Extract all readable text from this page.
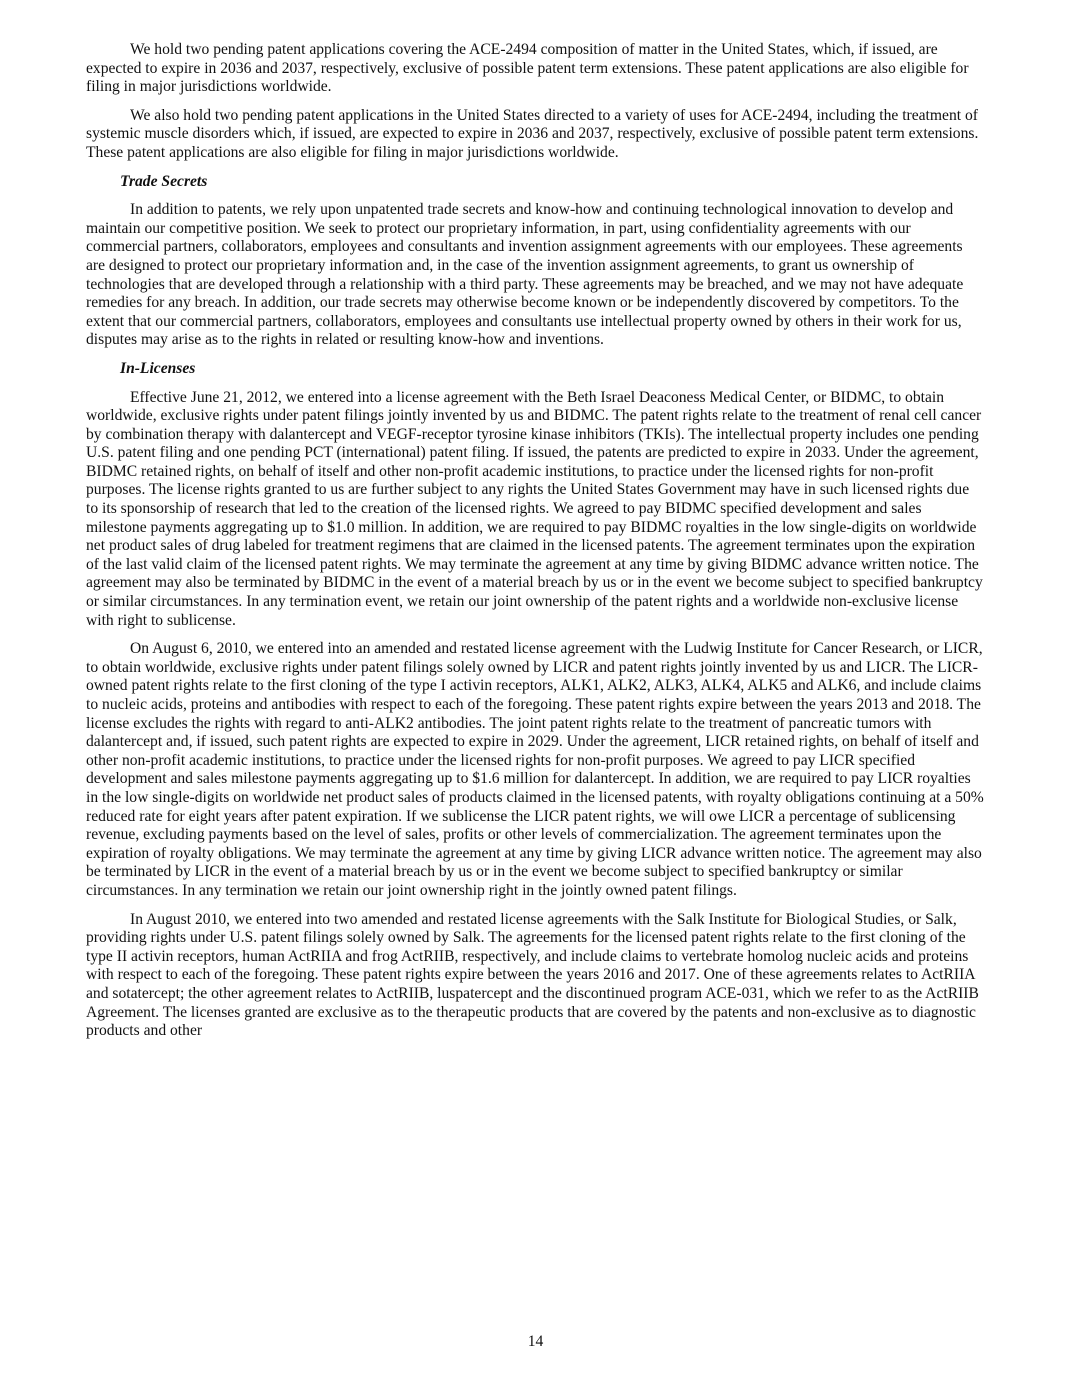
We hold two pending patent applications covering the ACE-2494 composition of matter in the United States, which, if issued, are expected to expire in 2036 and 2037, respectively, exclusive of possible patent term extensions. These patent applications are also eligible for filing in major jurisdictions worldwide.

We also hold two pending patent applications in the United States directed to a variety of uses for ACE-2494, including the treatment of systemic muscle disorders which, if issued, are expected to expire in 2036 and 2037, respectively, exclusive of possible patent term extensions. These patent applications are also eligible for filing in major jurisdictions worldwide.

Trade Secrets

In addition to patents, we rely upon unpatented trade secrets and know-how and continuing technological innovation to develop and maintain our competitive position. We seek to protect our proprietary information, in part, using confidentiality agreements with our commercial partners, collaborators, employees and consultants and invention assignment agreements with our employees. These agreements are designed to protect our proprietary information and, in the case of the invention assignment agreements, to grant us ownership of technologies that are developed through a relationship with a third party. These agreements may be breached, and we may not have adequate remedies for any breach. In addition, our trade secrets may otherwise become known or be independently discovered by competitors. To the extent that our commercial partners, collaborators, employees and consultants use intellectual property owned by others in their work for us, disputes may arise as to the rights in related or resulting know-how and inventions.

In-Licenses

Effective June 21, 2012, we entered into a license agreement with the Beth Israel Deaconess Medical Center, or BIDMC, to obtain worldwide, exclusive rights under patent filings jointly invented by us and BIDMC. The patent rights relate to the treatment of renal cell cancer by combination therapy with dalantercept and VEGF-receptor tyrosine kinase inhibitors (TKIs). The intellectual property includes one pending U.S. patent filing and one pending PCT (international) patent filing. If issued, the patents are predicted to expire in 2033. Under the agreement, BIDMC retained rights, on behalf of itself and other non-profit academic institutions, to practice under the licensed rights for non-profit purposes. The license rights granted to us are further subject to any rights the United States Government may have in such licensed rights due to its sponsorship of research that led to the creation of the licensed rights. We agreed to pay BIDMC specified development and sales milestone payments aggregating up to $1.0 million. In addition, we are required to pay BIDMC royalties in the low single-digits on worldwide net product sales of drug labeled for treatment regimens that are claimed in the licensed patents. The agreement terminates upon the expiration of the last valid claim of the licensed patent rights. We may terminate the agreement at any time by giving BIDMC advance written notice. The agreement may also be terminated by BIDMC in the event of a material breach by us or in the event we become subject to specified bankruptcy or similar circumstances. In any termination event, we retain our joint ownership of the patent rights and a worldwide non-exclusive license with right to sublicense.

On August 6, 2010, we entered into an amended and restated license agreement with the Ludwig Institute for Cancer Research, or LICR, to obtain worldwide, exclusive rights under patent filings solely owned by LICR and patent rights jointly invented by us and LICR. The LICR-owned patent rights relate to the first cloning of the type I activin receptors, ALK1, ALK2, ALK3, ALK4, ALK5 and ALK6, and include claims to nucleic acids, proteins and antibodies with respect to each of the foregoing. These patent rights expire between the years 2013 and 2018. The license excludes the rights with regard to anti-ALK2 antibodies. The joint patent rights relate to the treatment of pancreatic tumors with dalantercept and, if issued, such patent rights are expected to expire in 2029. Under the agreement, LICR retained rights, on behalf of itself and other non-profit academic institutions, to practice under the licensed rights for non-profit purposes. We agreed to pay LICR specified development and sales milestone payments aggregating up to $1.6 million for dalantercept. In addition, we are required to pay LICR royalties in the low single-digits on worldwide net product sales of products claimed in the licensed patents, with royalty obligations continuing at a 50% reduced rate for eight years after patent expiration. If we sublicense the LICR patent rights, we will owe LICR a percentage of sublicensing revenue, excluding payments based on the level of sales, profits or other levels of commercialization. The agreement terminates upon the expiration of royalty obligations. We may terminate the agreement at any time by giving LICR advance written notice. The agreement may also be terminated by LICR in the event of a material breach by us or in the event we become subject to specified bankruptcy or similar circumstances. In any termination we retain our joint ownership right in the jointly owned patent filings.

In August 2010, we entered into two amended and restated license agreements with the Salk Institute for Biological Studies, or Salk, providing rights under U.S. patent filings solely owned by Salk. The agreements for the licensed patent rights relate to the first cloning of the type II activin receptors, human ActRIIA and frog ActRIIB, respectively, and include claims to vertebrate homolog nucleic acids and proteins with respect to each of the foregoing. These patent rights expire between the years 2016 and 2017. One of these agreements relates to ActRIIA and sotatercept; the other agreement relates to ActRIIB, luspatercept and the discontinued program ACE-031, which we refer to as the ActRIIB Agreement. The licenses granted are exclusive as to the therapeutic products that are covered by the patents and non-exclusive as to diagnostic products and other

14
